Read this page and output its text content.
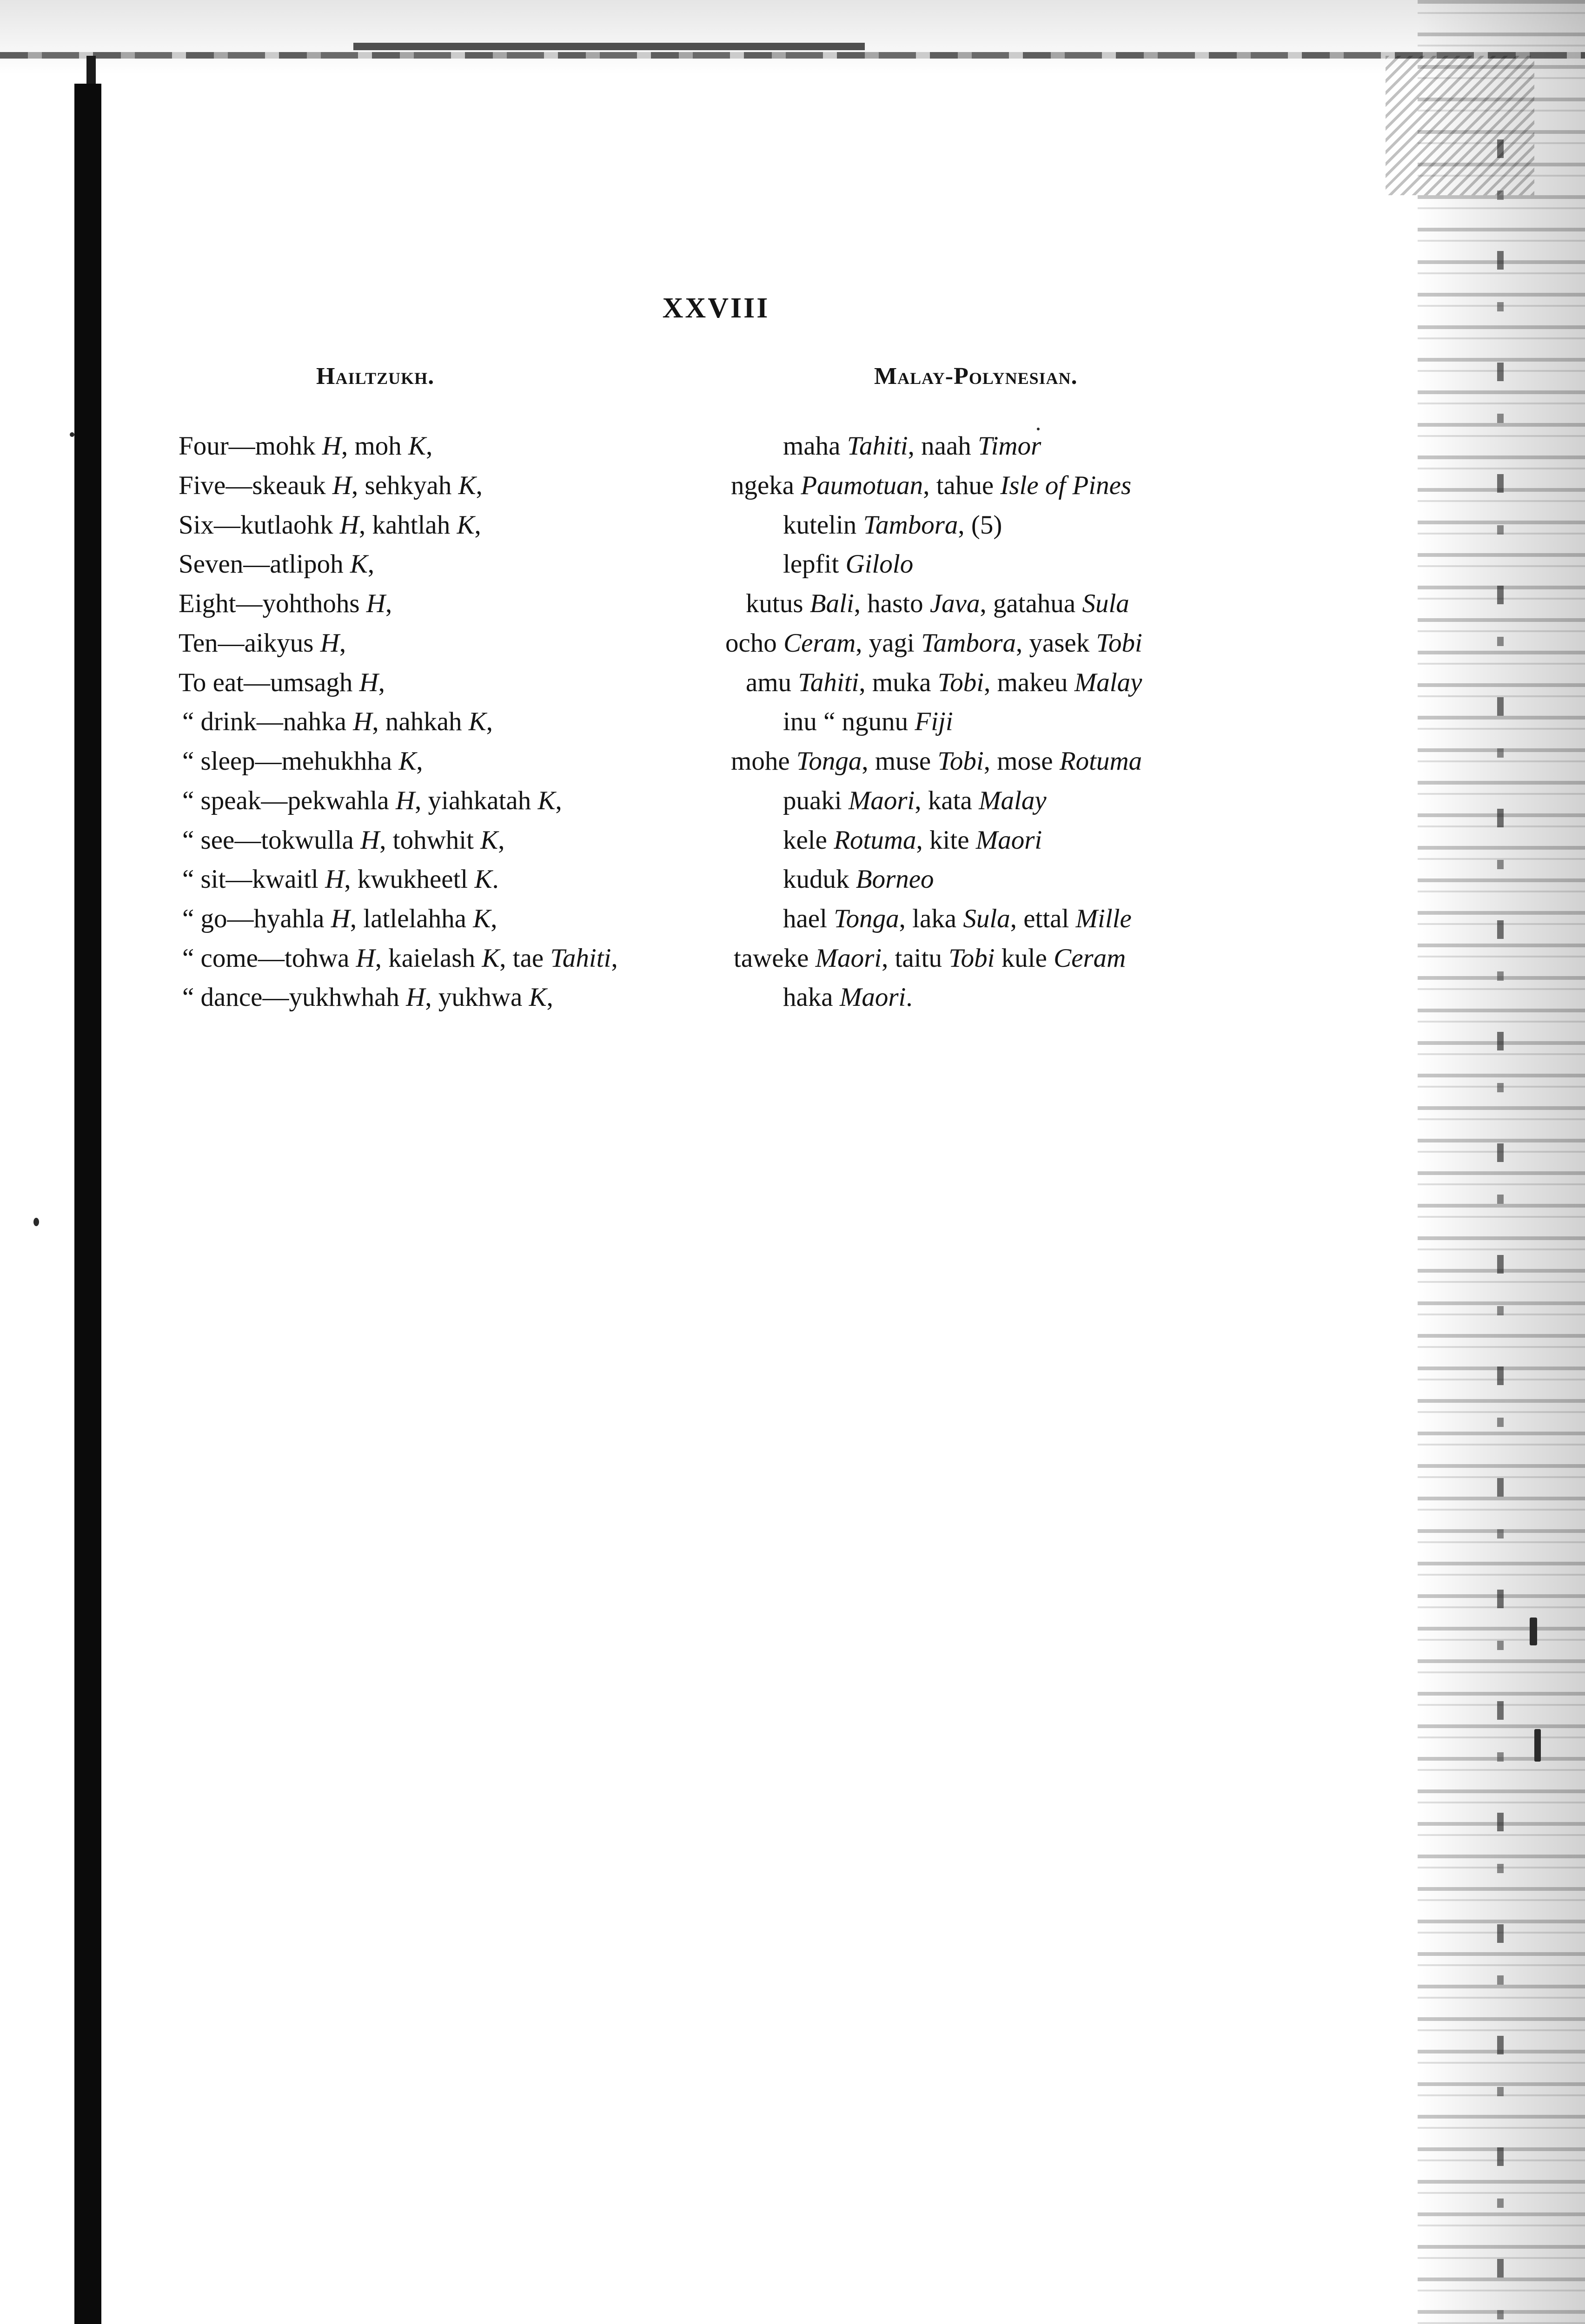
XXVIII
Hailtzukh.	Malay-Polynesian.
Four—mohk H, moh K,	maha Tahiti, naah Timor
Five—skeauk H, sehkyah K,	ngeka Paumotuan, tahue Isle of Pines
Six—kutlaohk H, kahtlah K,	kutelin Tambora, (5)
Seven—atlipoh K,	lepfit Gilolo
Eight—yohthohs H,	kutus Bali, hasto Java, gatahua Sula
Ten—aikyus H,	ocho Ceram, yagi Tambora, yasek Tobi
To eat—umsagh H,	amu Tahiti, muka Tobi, makeu Malay
“ drink—nahka H, nahkah K,	inu “ ngunu Fiji
“ sleep—mehukhha K,	mohe Tonga, muse Tobi, mose Rotuma
“ speak—pekwahla H, yiahkatah K,	puaki Maori, kata Malay
“ see—tokwulla H, tohwhit K,	kele Rotuma, kite Maori
“ sit—kwaitl H, kwukheetl K.	kuduk Borneo
“ go—hyahla H, latlelahha K,	hael Tonga, laka Sula, ettal Mille
“ come—tohwa H, kaielash K, tae Tahiti,	taweke Maori, taitu Tobi kule Ceram
“ dance—yukhwhah H, yukhwa K,	haka Maori.
